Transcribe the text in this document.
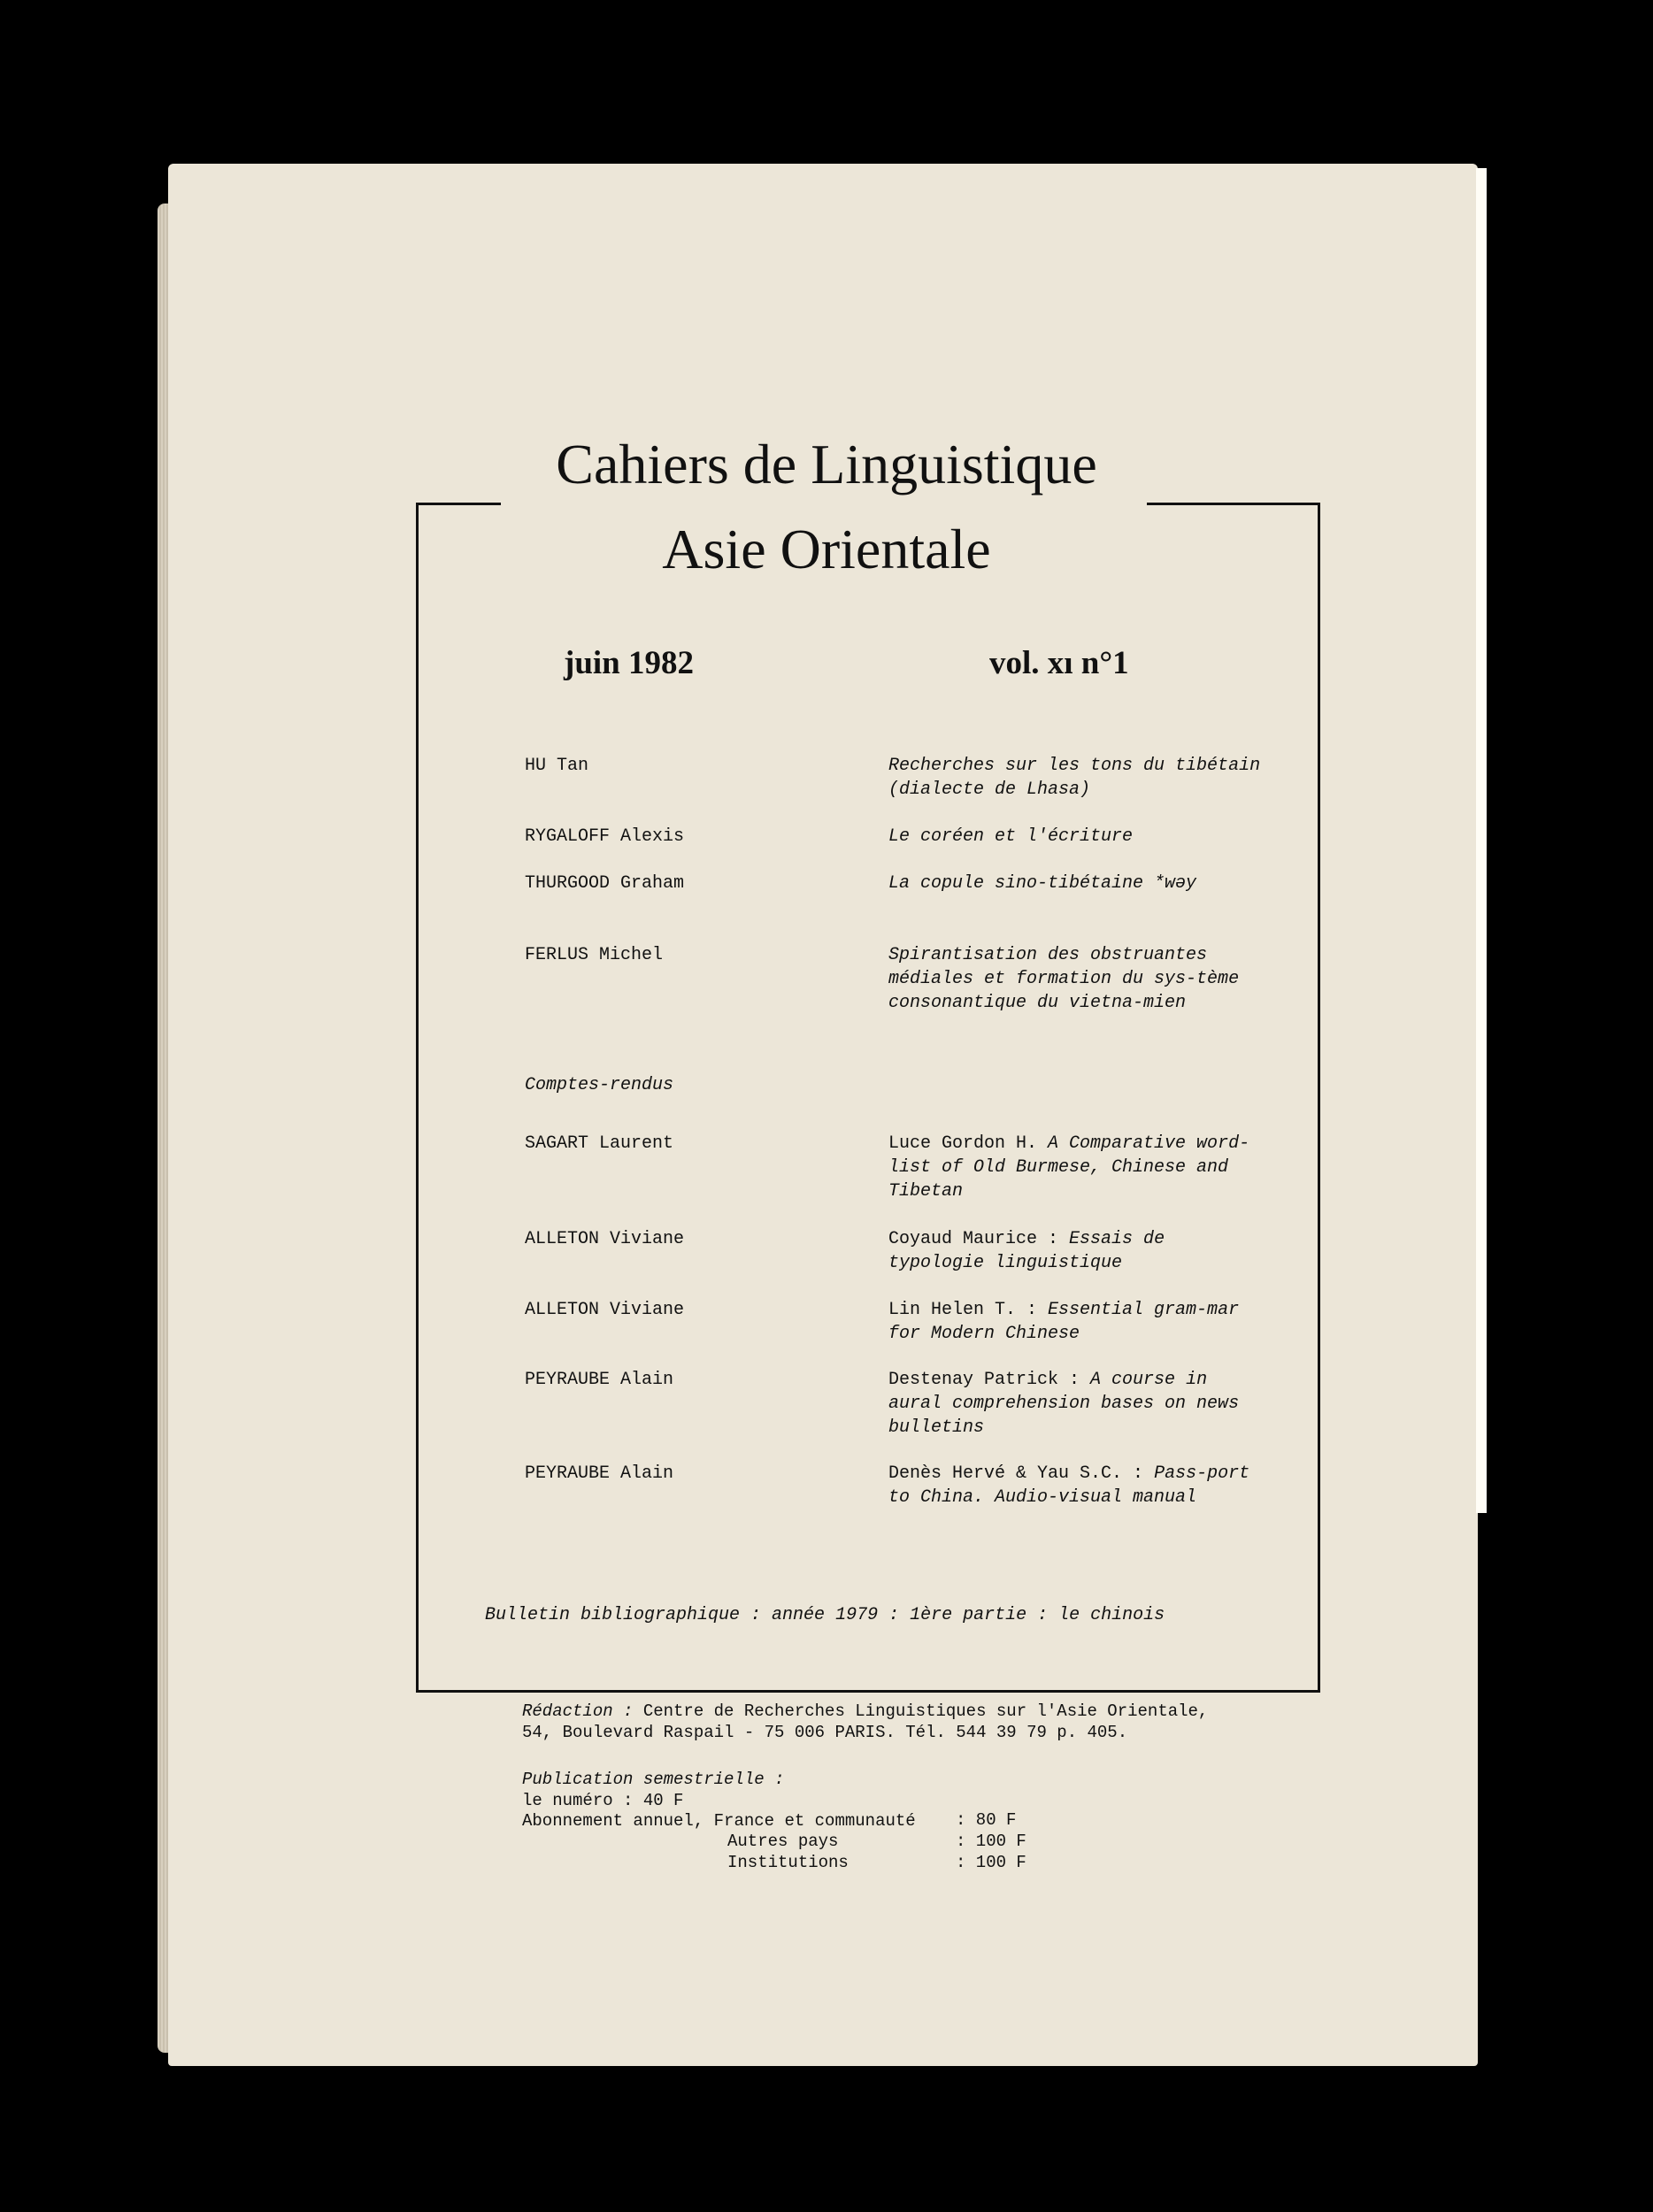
Cahiers de Linguistique
Asie Orientale
juin 1982	vol. xı n°1
HU Tan	Recherches sur les tons du tibétain (dialecte de Lhasa)
RYGALOFF Alexis	Le coréen et l'écriture
THURGOOD Graham	La copule sino-tibétaine *wəy
FERLUS Michel	Spirantisation des obstruantes médiales et formation du sys-tème consonantique du vietna-mien
Comptes-rendus
SAGART Laurent	Luce Gordon H. A Comparative word-list of Old Burmese, Chinese and Tibetan
ALLETON Viviane	Coyaud Maurice : Essais de typologie linguistique
ALLETON Viviane	Lin Helen T. : Essential gram-mar for Modern Chinese
PEYRAUBE Alain	Destenay Patrick : A course in aural comprehension bases on news bulletins
PEYRAUBE Alain	Denès Hervé & Yau S.C. : Pass-port to China. Audio-visual manual
Bulletin bibliographique : année 1979 : 1ère partie : le chinois
Rédaction : Centre de Recherches Linguistiques sur l'Asie Orientale,
54, Boulevard Raspail - 75 006 PARIS. Tél. 544 39 79 p. 405.
Publication semestrielle :
le numéro : 40 F
Abonnement annuel, France et communauté : 80 F
Autres pays	: 100 F
Institutions	: 100 F
